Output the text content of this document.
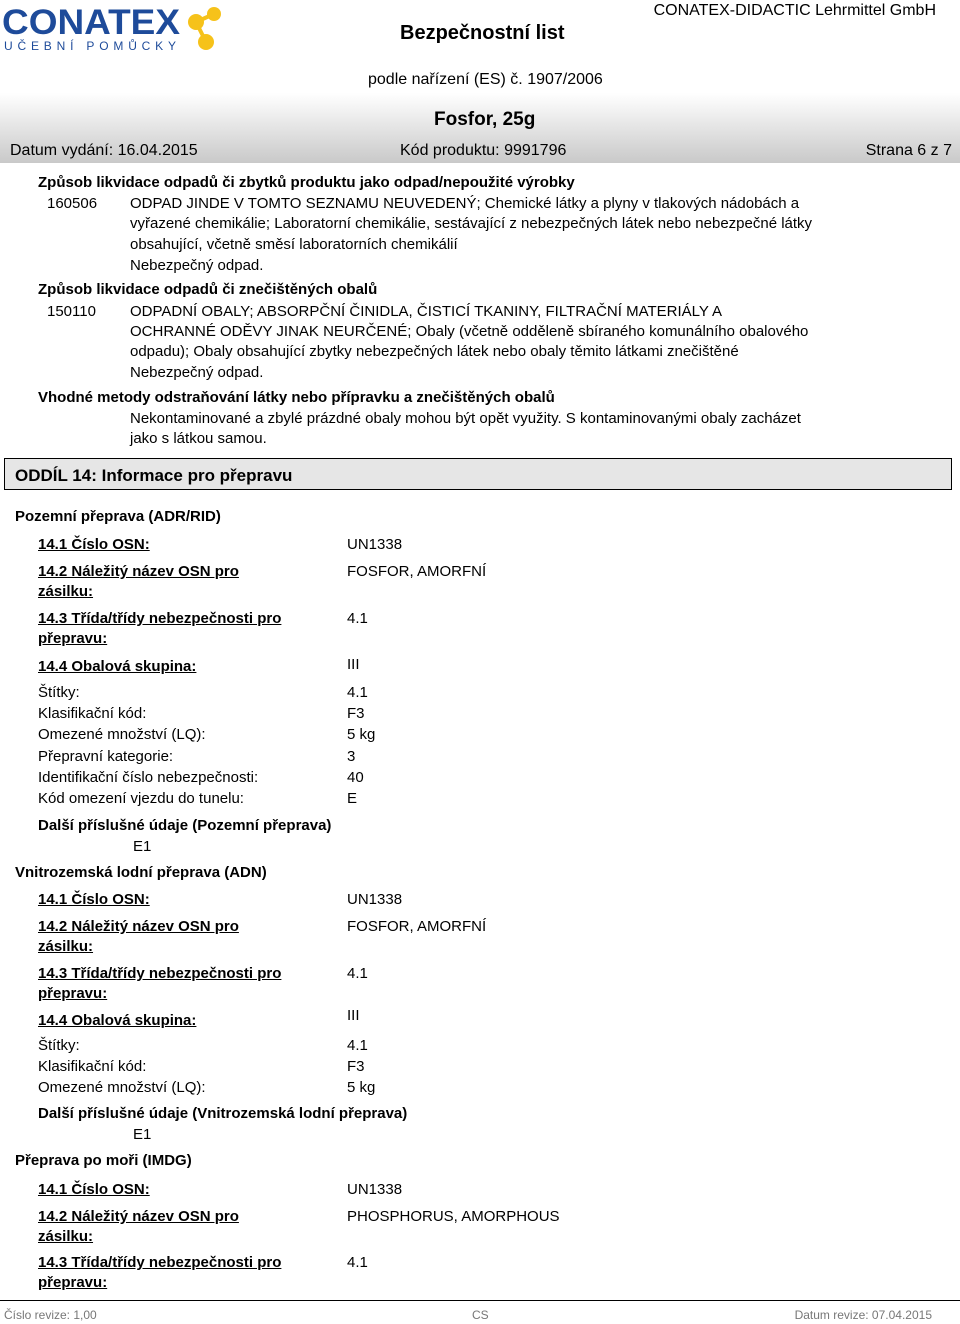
CONATEX
UČEBNÍ POMŮCKY
Bezpečnostní list
CONATEX-DIDACTIC Lehrmittel GmbH
podle nařízení (ES) č. 1907/2006
Fosfor, 25g
Datum vydání: 16.04.2015	Kód produktu: 9991796	Strana 6 z 7
Způsob likvidace odpadů či zbytků produktu jako odpad/nepoužité výrobky
160506 ODPAD JINDE V TOMTO SEZNAMU NEUVEDENÝ; Chemické látky a plyny v tlakových nádobách a
vyřazené chemikálie; Laboratorní chemikálie, sestávající z nebezpečných látek nebo nebezpečné látky
obsahující, včetně směsí laboratorních chemikálií
Nebezpečný odpad.
Způsob likvidace odpadů či znečištěných obalů
150110 ODPADNÍ OBALY; ABSORPČNÍ ČINIDLA, ČISTICÍ TKANINY, FILTRAČNÍ MATERIÁLY A
OCHRANNÉ ODĚVY JINAK NEURČENÉ; Obaly (včetně odděleně sbíraného komunálního obalového
odpadu); Obaly obsahující zbytky nebezpečných látek nebo obaly těmito látkami znečištěné
Nebezpečný odpad.
Vhodné metody odstraňování látky nebo přípravku a znečištěných obalů
Nekontaminované a zbylé prázdné obaly mohou být opět využity. S kontaminovanými obaly zacházet
jako s látkou samou.
ODDÍL 14: Informace pro přepravu
Pozemní přeprava (ADR/RID)
14.1 Číslo OSN:	UN1338
14.2 Náležitý název OSN pro
zásilku:
FOSFOR, AMORFNÍ
14.3 Třída/třídy nebezpečnosti pro
přepravu:
4.1
14.4 Obalová skupina:	III
Štítky:	4.1
Klasifikační kód:	F3
Omezené množství (LQ):	5 kg
Přepravní kategorie:	3
Identifikační číslo nebezpečnosti:	40
Kód omezení vjezdu do tunelu:	E
Další příslušné údaje (Pozemní přeprava)
E1
Vnitrozemská lodní přeprava (ADN)
14.1 Číslo OSN:	UN1338
14.2 Náležitý název OSN pro
zásilku:
FOSFOR, AMORFNÍ
14.3 Třída/třídy nebezpečnosti pro
přepravu:
4.1
14.4 Obalová skupina:	III
Štítky:	4.1
Klasifikační kód:	F3
Omezené množství (LQ):	5 kg
Další příslušné údaje (Vnitrozemská lodní přeprava)
E1
Přeprava po moři (IMDG)
14.1 Číslo OSN:	UN1338
14.2 Náležitý název OSN pro
zásilku:
PHOSPHORUS, AMORPHOUS
14.3 Třída/třídy nebezpečnosti pro
přepravu:
4.1
Číslo revize: 1,00	CS	Datum revize: 07.04.2015
